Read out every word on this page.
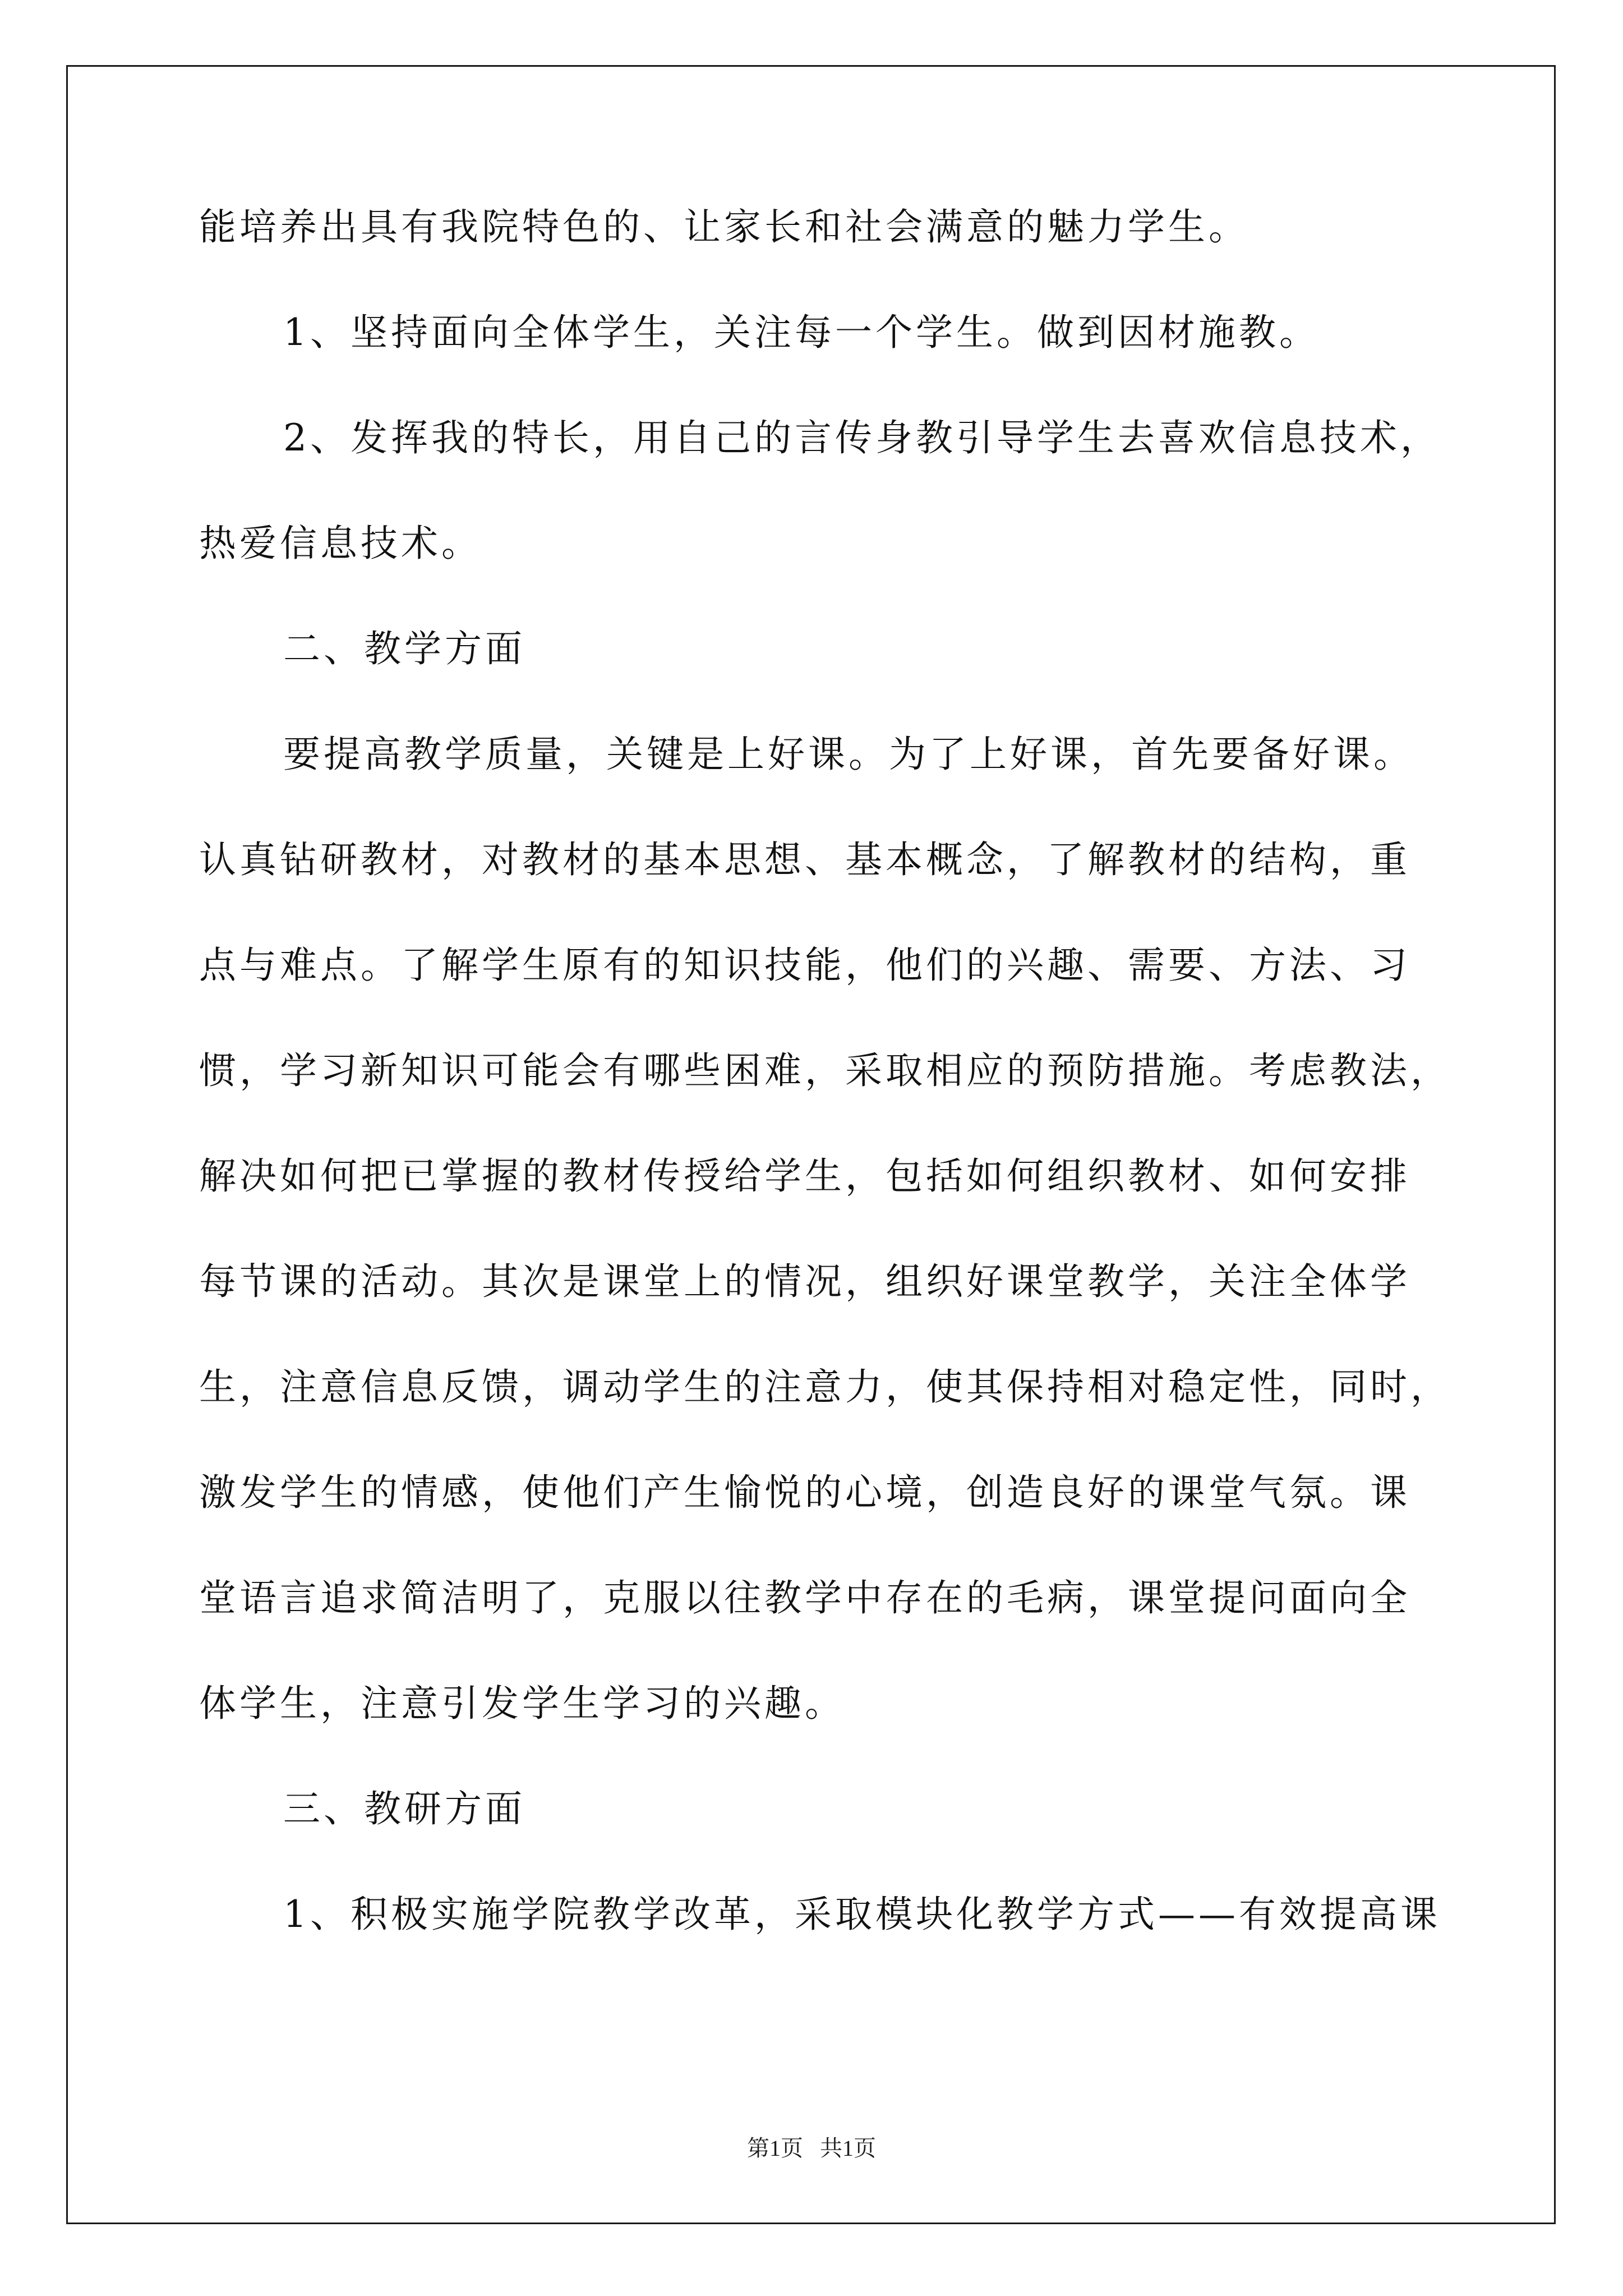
能培养出具有我院特色的、让家长和社会满意的魅力学生。
1、坚持面向全体学生，关注每一个学生。做到因材施教。
2、发挥我的特长，用自己的言传身教引导学生去喜欢信息技术，
热爱信息技术。
二、教学方面
要提高教学质量，关键是上好课。为了上好课，首先要备好课。
认真钻研教材，对教材的基本思想、基本概念，了解教材的结构，重
点与难点。了解学生原有的知识技能，他们的兴趣、需要、方法、习
惯，学习新知识可能会有哪些困难，采取相应的预防措施。考虑教法，
解决如何把已掌握的教材传授给学生，包括如何组织教材、如何安排
每节课的活动。其次是课堂上的情况，组织好课堂教学，关注全体学
生，注意信息反馈，调动学生的注意力，使其保持相对稳定性，同时，
激发学生的情感，使他们产生愉悦的心境，创造良好的课堂气氛。课
堂语言追求简洁明了，克服以往教学中存在的毛病，课堂提问面向全
体学生，注意引发学生学习的兴趣。
三、教研方面
1、积极实施学院教学改革，采取模块化教学方式——有效提高课
第1页 共1页
